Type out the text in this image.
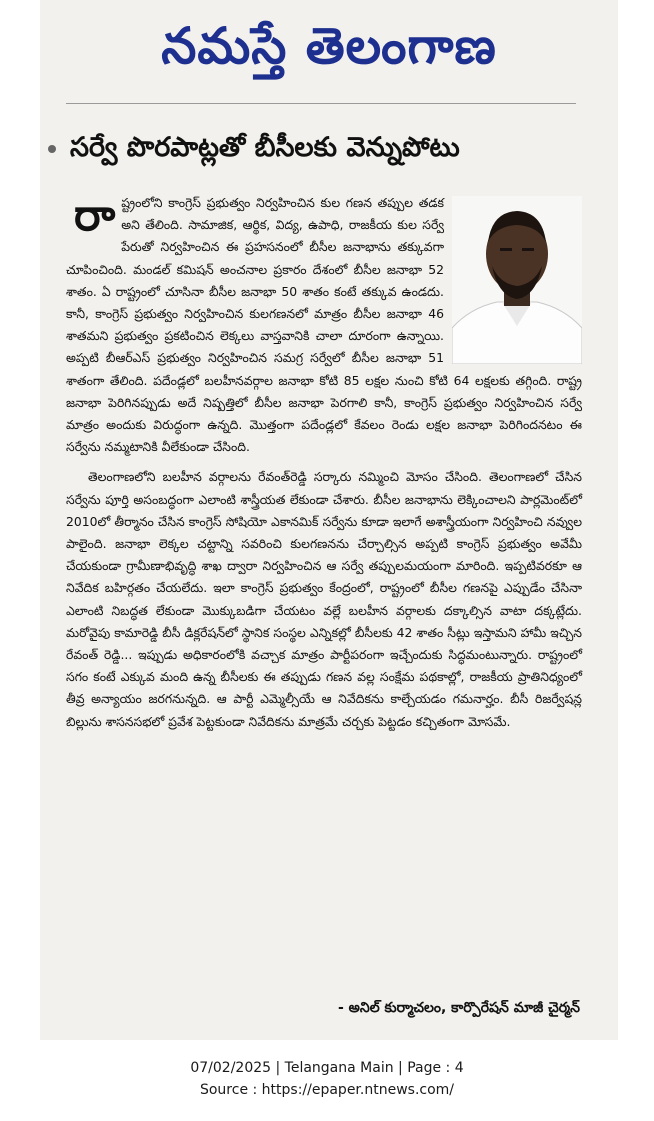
నమస్తే తెలంగాణ
సర్వే పొరపాట్లతో బీసీలకు వెన్నుపోటు

రాష్ట్రంలోని కాంగ్రెస్ ప్రభుత్వం నిర్వహించిన కుల గణన తప్పుల తడక అని తేలింది. సామాజిక, ఆర్థిక, విద్య, ఉపాధి, రాజకీయ కుల సర్వే పేరుతో నిర్వహించిన ఈ ప్రహసనంలో బీసీల జనాభాను తక్కువగా చూపించింది. మండల్ కమిషన్ అంచనాల ప్రకారం దేశంలో బీసీల జనాభా 52 శాతం. ఏ రాష్ట్రంలో చూసినా బీసీల జనాభా 50 శాతం కంటే తక్కువ ఉండదు. కానీ, కాంగ్రెస్ ప్రభుత్వం నిర్వహించిన కులగణనలో మాత్రం బీసీల జనాభా 46 శాతమని ప్రభుత్వం ప్రకటించిన లెక్కలు వాస్తవానికి చాలా దూరంగా ఉన్నాయి. అప్పటి బీఆర్ఎస్ ప్రభుత్వం నిర్వహించిన సమగ్ర సర్వేలో బీసీల జనాభా 51 శాతంగా తేలింది. పదేండ్లలో బలహీనవర్గాల జనాభా కోటి 85 లక్షల నుంచి కోటి 64 లక్షలకు తగ్గింది. రాష్ట్ర జనాభా పెరిగినప్పుడు అదే నిష్పత్తిలో బీసీల జనాభా పెరగాలి కానీ, కాంగ్రెస్ ప్రభుత్వం నిర్వహించిన సర్వే మాత్రం అందుకు విరుద్ధంగా ఉన్నది. మొత్తంగా పదేండ్లలో కేవలం రెండు లక్షల జనాభా పెరిగిందనటం ఈ సర్వేను నమ్మటానికి వీలేకుండా చేసింది.

తెలంగాణలోని బలహీన వర్గాలను రేవంత్‌రెడ్డి సర్కారు నమ్మించి మోసం చేసింది. తెలంగాణలో చేసిన సర్వేను పూర్తి అసంబద్ధంగా ఎలాంటి శాస్త్రీయత లేకుండా చేశారు. బీసీల జనాభాను లెక్కించాలని పార్లమెంట్‌లో 2010లో తీర్మానం చేసిన కాంగ్రెస్ సోషియో ఎకానమిక్ సర్వేను కూడా ఇలాగే అశాస్త్రీయంగా నిర్వహించి నవ్వుల పాలైంది. జనాభా లెక్కల చట్టాన్ని సవరించి కులగణనను చేర్చాల్సిన అప్పటి కాంగ్రెస్ ప్రభుత్వం అవేమీ చేయకుండా గ్రామీణాభివృద్ధి శాఖ ద్వారా నిర్వహించిన ఆ సర్వే తప్పులమయంగా మారింది. ఇప్పటివరకూ ఆ నివేదిక బహిర్గతం చేయలేదు. ఇలా కాంగ్రెస్ ప్రభుత్వం కేంద్రంలో, రాష్ట్రంలో బీసీల గణనపై ఎప్పుడేం చేసినా ఎలాంటి నిబద్ధత లేకుండా మొక్కుబడిగా చేయటం వల్లే బలహీన వర్గాలకు దక్కాల్సిన వాటా దక్కట్లేదు. మరోవైపు కామారెడ్డి బీసీ డిక్లరేషన్‌లో స్థానిక సంస్థల ఎన్నికల్లో బీసీలకు 42 శాతం సీట్లు ఇస్తామని హామీ ఇచ్చిన రేవంత్ రెడ్డి... ఇప్పుడు అధికారంలోకి వచ్చాక మాత్రం పార్టీపరంగా ఇచ్చేందుకు సిద్ధమంటున్నారు. రాష్ట్రంలో సగం కంటే ఎక్కువ మంది ఉన్న బీసీలకు ఈ తప్పుడు గణన వల్ల సంక్షేమ పథకాల్లో, రాజకీయ ప్రాతినిధ్యంలో తీవ్ర అన్యాయం జరగనున్నది. ఆ పార్టీ ఎమ్మెల్సీయే ఆ నివేదికను కాల్చేయడం గమనార్హం. బీసీ రిజర్వేషన్ల బిల్లును శాసనసభలో ప్రవేశ పెట్టకుండా నివేదికను మాత్రమే చర్చకు పెట్టడం కచ్చితంగా మోసమే.

- అనిల్ కుర్మాచలం, కార్పొరేషన్ మాజీ చైర్మన్
07/02/2025 | Telangana Main | Page : 4
Source : https://epaper.ntnews.com/
